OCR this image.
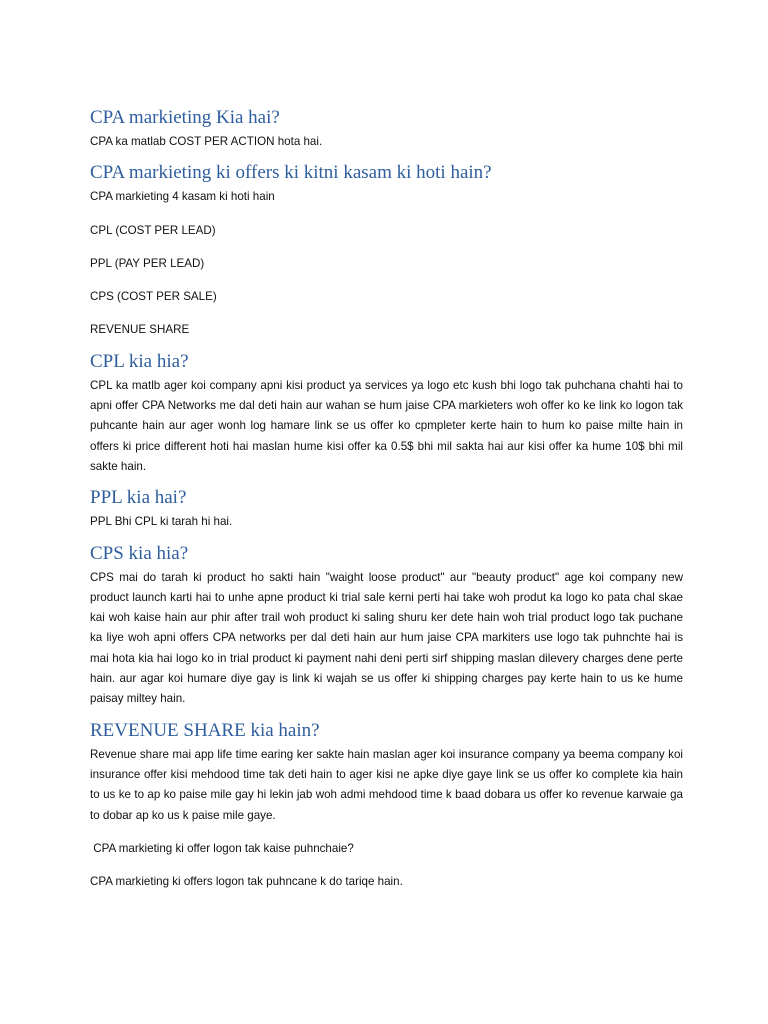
CPA markieting Kia hai?

CPA ka matlab COST PER ACTION hota hai.

CPA markieting ki offers ki kitni kasam ki hoti hain?

CPA markieting 4 kasam ki hoti hain

CPL (COST PER LEAD)

PPL (PAY PER LEAD)

CPS (COST PER SALE)

REVENUE SHARE

CPL kia hia?

CPL ka matlb ager koi company apni kisi product ya services ya logo etc kush bhi logo tak puhchana chahti hai to apni offer CPA Networks me dal deti hain aur wahan se hum jaise CPA markieters woh offer ko ke link ko logon tak puhcante hain aur ager wonh log hamare link se us offer ko cpmpleter kerte hain to hum ko paise milte hain in offers ki price different hoti hai maslan hume kisi offer ka 0.5$ bhi mil sakta hai aur kisi offer ka hume 10$ bhi mil sakte hain.

PPL kia hai?

PPL Bhi CPL ki tarah hi hai.

CPS kia hia?

CPS mai do tarah ki product ho sakti hain "waight loose product" aur "beauty product" age koi company new product launch karti hai to unhe apne product ki trial sale kerni perti hai take woh produt ka logo ko pata chal skae kai woh kaise hain aur phir after trail woh product ki saling shuru ker dete hain woh trial product logo tak puchane ka liye woh apni offers CPA networks per dal deti hain aur hum jaise CPA markiters use logo tak puhnchte hai is mai hota kia hai logo ko in trial product ki payment nahi deni perti sirf shipping maslan dilevery charges dene perte hain. aur agar koi humare diye gay is link ki wajah se us offer ki shipping charges pay kerte hain to us ke hume paisay miltey hain.

REVENUE SHARE kia hain?

Revenue share mai app life time earing ker sakte hain maslan ager koi insurance company ya beema company koi insurance offer kisi mehdood time tak deti hain to ager kisi ne apke diye gaye link se us offer ko complete kia hain to us ke to ap ko paise mile gay hi lekin jab woh admi mehdood time k baad dobara us offer ko revenue karwaie ga to dobar ap ko us k paise mile gaye.

CPA markieting ki offer logon tak kaise puhnchaie?

CPA markieting ki offers logon tak puhncane k do tariqe hain.
